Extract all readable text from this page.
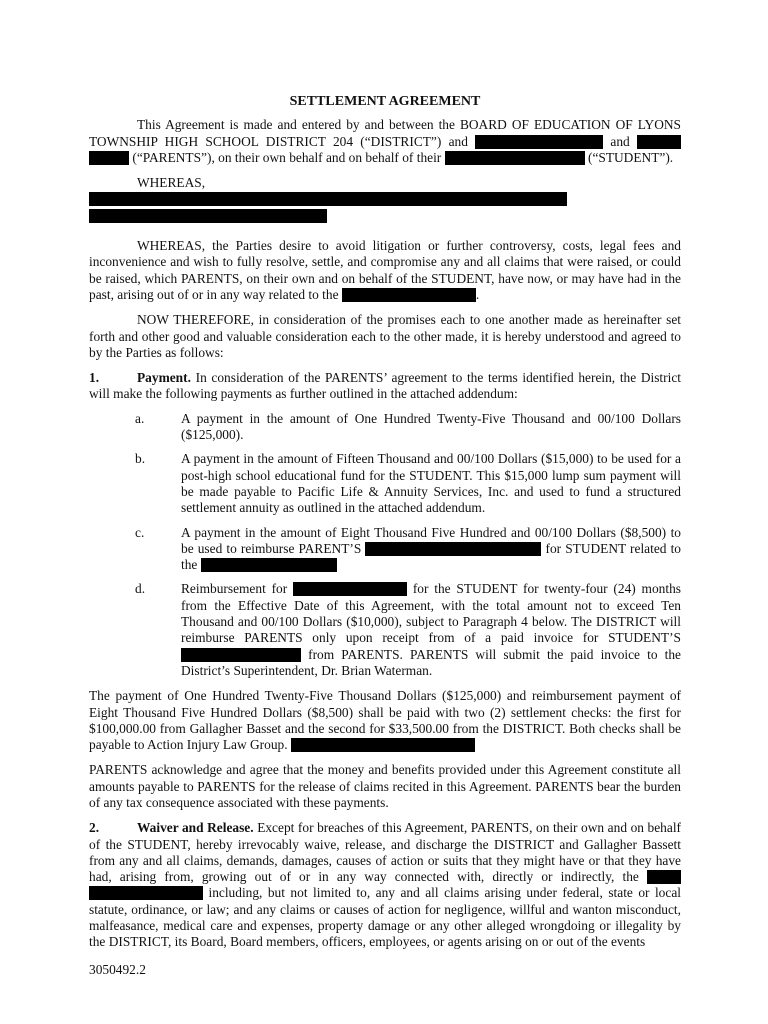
SETTLEMENT AGREEMENT

This Agreement is made and entered by and between the BOARD OF EDUCATION OF LYONS TOWNSHIP HIGH SCHOOL DISTRICT 204 (“DISTRICT”) and	and   (“PARENTS”), on their own behalf and on behalf of their	(“STUDENT”).

WHEREAS,

WHEREAS, the Parties desire to avoid litigation or further controversy, costs, legal fees and inconvenience and wish to fully resolve, settle, and compromise any and all claims that were raised, or could be raised, which PARENTS, on their own and on behalf of the STUDENT, have now, or may have had in the past, arising out of or in any way related to the	.

NOW THEREFORE, in consideration of the promises each to one another made as hereinafter set forth and other good and valuable consideration each to the other made, it is hereby understood and agreed to by the Parties as follows:

1.	Payment. In consideration of the PARENTS’ agreement to the terms identified herein, the District will make the following payments as further outlined in the attached addendum:

a.	A payment in the amount of One Hundred Twenty-Five Thousand and 00/100 Dollars ($125,000).
b.	A payment in the amount of Fifteen Thousand and 00/100 Dollars ($15,000) to be used for a post-high school educational fund for the STUDENT. This $15,000 lump sum payment will be made payable to Pacific Life & Annuity Services, Inc. and used to fund a structured settlement annuity as outlined in the attached addendum.
c.	A payment in the amount of Eight Thousand Five Hundred and 00/100 Dollars ($8,500) to be used to reimburse PARENT’S	for STUDENT related to the
d.	Reimbursement for	for the STUDENT for twenty-four (24) months from the Effective Date of this Agreement, with the total amount not to exceed Ten Thousand and 00/100 Dollars ($10,000), subject to Paragraph 4 below. The DISTRICT will reimburse PARENTS only upon receipt from of a paid invoice for STUDENT’S  from PARENTS. PARENTS will submit the paid invoice to the District’s Superintendent, Dr. Brian Waterman.

The payment of One Hundred Twenty-Five Thousand Dollars ($125,000) and reimbursement payment of Eight Thousand Five Hundred Dollars ($8,500) shall be paid with two (2) settlement checks: the first for $100,000.00 from Gallagher Basset and the second for $33,500.00 from the DISTRICT. Both checks shall be payable to Action Injury Law Group.

PARENTS acknowledge and agree that the money and benefits provided under this Agreement constitute all amounts payable to PARENTS for the release of claims recited in this Agreement. PARENTS bear the burden of any tax consequence associated with these payments.

2.	Waiver and Release. Except for breaches of this Agreement, PARENTS, on their own and on behalf of the STUDENT, hereby irrevocably waive, release, and discharge the DISTRICT and Gallagher Bassett from any and all claims, demands, damages, causes of action or suits that they might have or that they have had, arising from, growing out of or in any way connected with, directly or indirectly, the   including, but not limited to, any and all claims arising under federal, state or local statute, ordinance, or law; and any claims or causes of action for negligence, willful and wanton misconduct, malfeasance, medical care and expenses, property damage or any other alleged wrongdoing or illegality by the DISTRICT, its Board, Board members, officers, employees, or agents arising on or out of the events

3050492.2
